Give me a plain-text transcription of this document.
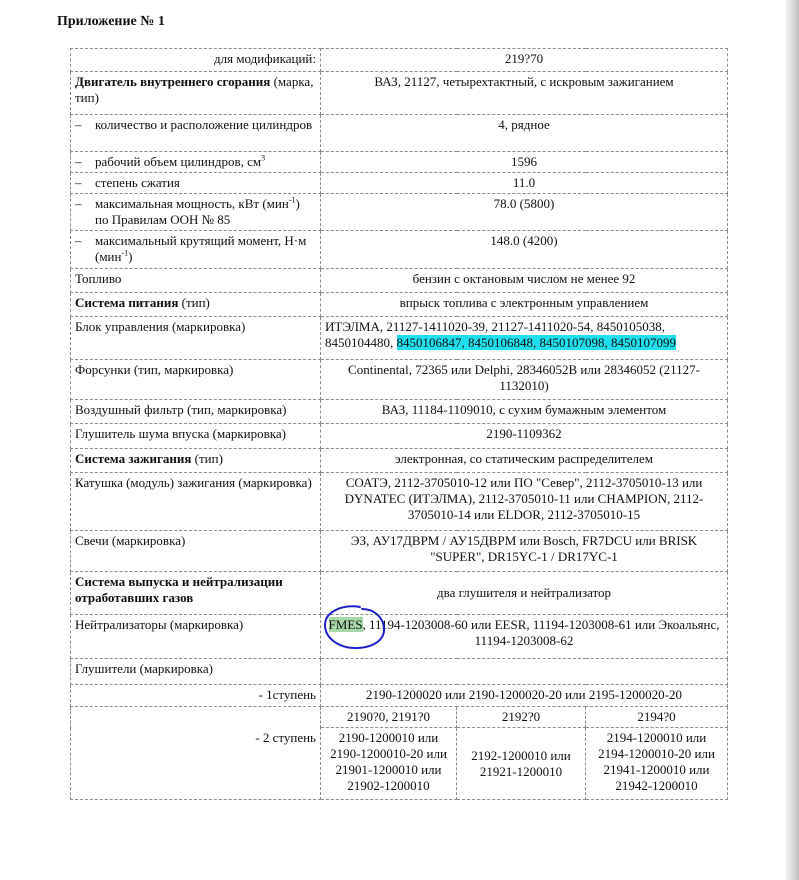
Приложение № 1
для модификаций:	219?70		
Двигатель внутреннего сгорания (марка, тип)	ВАЗ, 21127, четырехтактный, с искровым зажиганием		

– количество и расположение цилиндров	4, рядное		

– рабочий объем цилиндров, $см^3$	1596		

– степень сжатия	11.0		

– максимальная мощность, кВт (мин$^{-1}$) по Правилам ООН № 85	78.0 (5800)		

– максимальный крутящий момент, Н·м (мин$^{-1}$)	148.0 (4200)		
Топливо	бензин с октановым числом не менее 92		
Система питания (тип)	впрыск топлива с электронным управлением		
Блок управления (маркировка)	ИТЭЛМА, 21127-1411020-39, 21127-1411020-54, 8450105038, 8450104480, 8450106847, 8450106848, 8450107098, 8450107099		
Форсунки (тип, маркировка)	Continental, 72365 или Delphi, 28346052B или 28346052 (21127-1132010)		
Воздушный фильтр (тип, маркировка)	ВАЗ, 11184-1109010, с сухим бумажным элементом		
Глушитель шума впуска (маркировка)	2190-1109362		
Система зажигания (тип)	электронная, со статическим распределителем		
Катушка (модуль) зажигания (маркировка)	СОАТЭ, 2112-3705010-12 или ПО "Север", 2112-3705010-13 или DYNATEC (ИТЭЛМА), 2112-3705010-11 или CHAMPION, 2112-3705010-14 или ELDOR, 2112-3705010-15		
Свечи (маркировка)	ЭЗ, АУ17ДВРМ / АУ15ДВРМ или Bosch, FR7DCU или BRISK "SUPER", DR15YC-1 / DR17YC-1		
Система выпуска и нейтрализации отработавших газов	два глушителя и нейтрализатор		
Нейтрализаторы (маркировка)	FMES, 11194-1203008-60 или EESR, 11194-1203008-61 или Экоальянс, 11194-1203008-62		
Глушители (маркировка)			
- 1ступень	2190-1200020 или 2190-1200020-20 или 2195-1200020-20		

- 2 ступень	2190?0, 2191?0	2192?0	2194?0
	2190-1200010 или 2190-1200010-20 или 21901-1200010 или 21902-1200010	2192-1200010 или 21921-1200010	2194-1200010 или 2194-1200010-20 или 21941-1200010 или 21942-1200010
